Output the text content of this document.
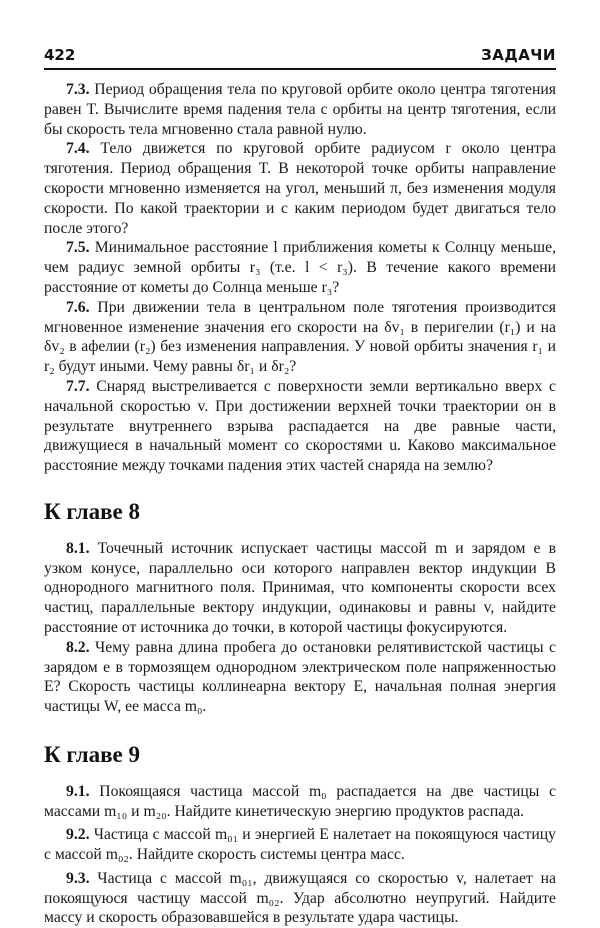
422	ЗАДАЧИ

7.3. Период обращения тела по круговой орбите около центра тяготения равен T. Вычислите время падения тела с орбиты на центр тяготения, если бы скорость тела мгновенно стала равной нулю.

7.4. Тело движется по круговой орбите радиусом r около центра тяготения. Период обращения T. В некоторой точке орбиты направление скорости мгновенно изменяется на угол, меньший π, без изменения модуля скорости. По какой траектории и с каким периодом будет двигаться тело после этого?

7.5. Минимальное расстояние l приближения кометы к Солнцу меньше, чем радиус земной орбиты r₃ (т.е. l < r₃). В течение какого времени расстояние от кометы до Солнца меньше r₃?

7.6. При движении тела в центральном поле тяготения производится мгновенное изменение значения его скорости на δv₁ в перигелии (r₁) и на δv₂ в афелии (r₂) без изменения направления. У новой орбиты значения r₁ и r₂ будут иными. Чему равны δr₁ и δr₂?

7.7. Снаряд выстреливается с поверхности земли вертикально вверх с начальной скоростью v. При достижении верхней точки траектории он в результате внутреннего взрыва распадается на две равные части, движущиеся в начальный момент со скоростями u. Каково максимальное расстояние между точками падения этих частей снаряда на землю?

К главе 8

8.1. Точечный источник испускает частицы массой m и зарядом e в узком конусе, параллельно оси которого направлен вектор индукции B однородного магнитного поля. Принимая, что компоненты скорости всех частиц, параллельные вектору индукции, одинаковы и равны v, найдите расстояние от источника до точки, в которой частицы фокусируются.

8.2. Чему равна длина пробега до остановки релятивистской частицы с зарядом e в тормозящем однородном электрическом поле напряженностью E? Скорость частицы коллинеарна вектору E, начальная полная энергия частицы W, ее масса m₀.

К главе 9

9.1. Покоящаяся частица массой m₀ распадается на две частицы с массами m₁₀ и m₂₀. Найдите кинетическую энергию продуктов распада.

9.2. Частица с массой m₀₁ и энергией E налетает на покоящуюся частицу с массой m₀₂. Найдите скорость системы центра масс.

9.3. Частица с массой m₀₁, движущаяся со скоростью v, налетает на покоящуюся частицу массой m₀₂. Удар абсолютно неупругий. Найдите массу и скорость образовавшейся в результате удара частицы.
